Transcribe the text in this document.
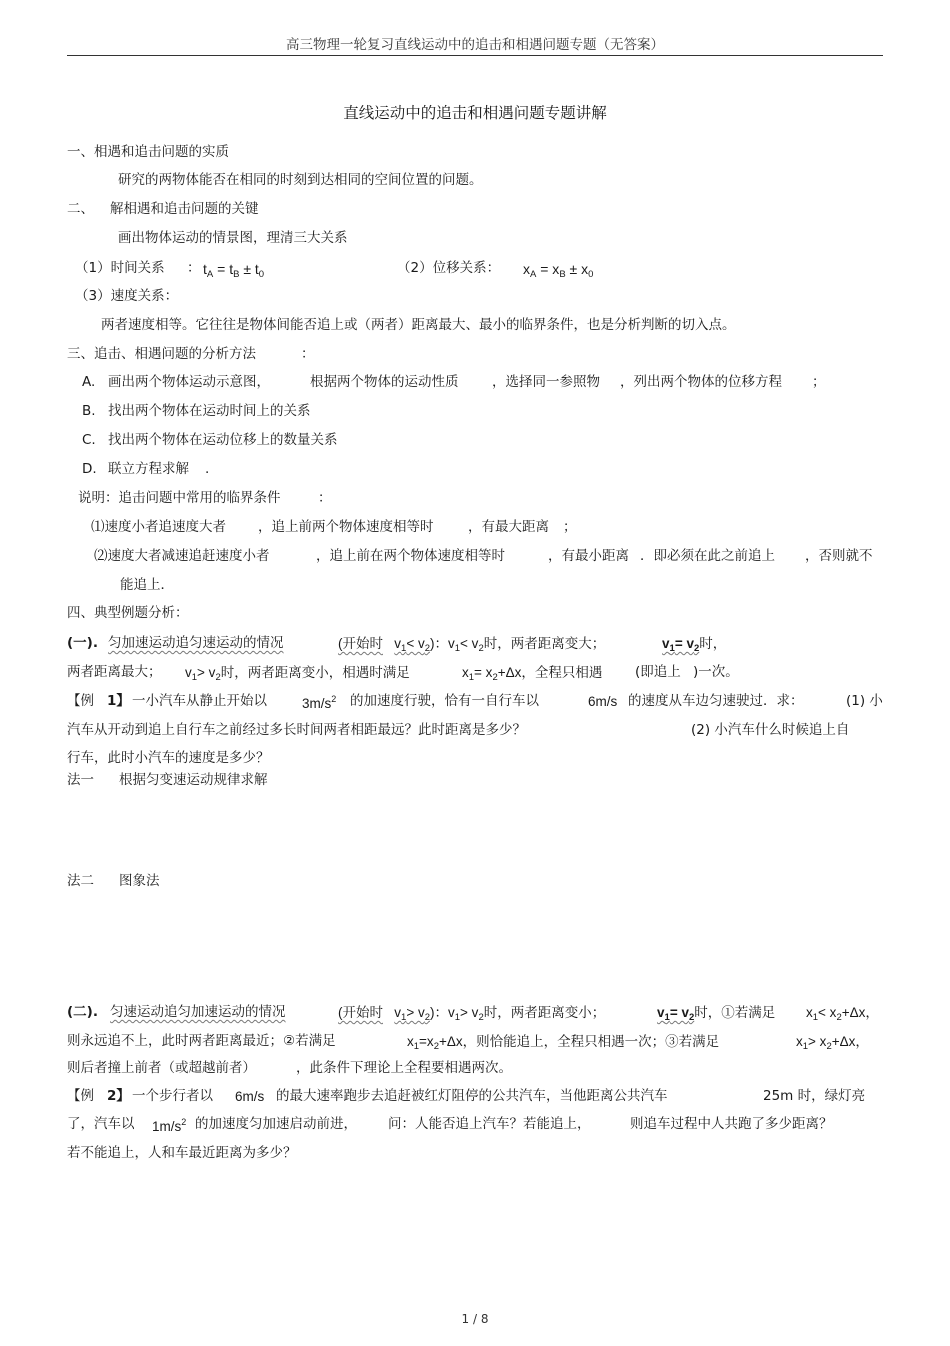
高三物理一轮复习直线运动中的追击和相遇问题专题（无答案）
直线运动中的追击和相遇问题专题讲解
一、相遇和追击问题的实质
研究的两物体能否在相同的时刻到达相同的空间位置的问题。
二、 解相遇和追击问题的关键
画出物体运动的情景图，理清三大关系
（1）时间关系 ： $t_A = t_B \pm t_0$	（2）位移关系： $x_A = x_B \pm x_0$
（3）速度关系：
两者速度相等。它往往是物体间能否追上或（两者）距离最大、最小的临界条件，也是分析判断的切入点。
三、追击、相遇问题的分析方法	：
A. 画出两个物体运动示意图，	根据两个物体的运动性质 ，选择同一参照物 ，列出两个物体的位移方程 ；
B. 找出两个物体在运动时间上的关系
C. 找出两个物体在运动位移上的数量关系
D. 联立方程求解 .
说明：追击问题中常用的临界条件	：
⑴速度小者追速度大者 ，追上前两个物体速度相等时	，有最大距离 ；
⑵速度大者减速追赶速度小者	，追上前在两个物体速度相等时	，有最小距离 ．即必须在此之前追上 ，否则就不
能追上．
四、典型例题分析：
(一). 匀加速运动追匀速运动的情况	(开始时 $v_1< v_2$)：$v_1< v_2$时，两者距离变大；	$v_1= v_2$时，
两者距离最大； $v_1> v_2$时，两者距离变小，相遇时满足	$x_1= x_2+\Delta x$，全程只相遇 (即追上 )一次。
【例 1】 一小汽车从静止开始以	$3m/s^2$ 的加速度行驶，恰有一自行车以	6m/s 的速度从车边匀速驶过．求：	(1) 小
汽车从开动到追上自行车之前经过多长时间两者相距最远？此时距离是多少？	(2) 小汽车什么时候追上自
行车，此时小汽车的速度是多少？
法一 根据匀变速运动规律求解
法二 图象法
(二). 匀速运动追匀加速运动的情况	(开始时 $v_1> v_2$)：$v_1> v_2$时，两者距离变小；	$v_1= v_2$时，①若满足 $x_1< x_2+\Delta x$，
则永远追不上，此时两者距离最近；②若满足	$x_1=x_2+\Delta x$，则恰能追上，全程只相遇一次；③若满足	$x_1> x_2+\Delta x$，
则后者撞上前者（或超越前者）	，此条件下理论上全程要相遇两次。
【例 2】 一个步行者以 6m/s 的最大速率跑步去追赶被红灯阻停的公共汽车，当他距离公共汽车	25m 时，绿灯亮
了，汽车以 $1m/s^2$ 的加速度匀加速启动前进， 问：人能否追上汽车？若能追上，	则追车过程中人共跑了多少距离？
若不能追上，人和车最近距离为多少？
1 / 8
